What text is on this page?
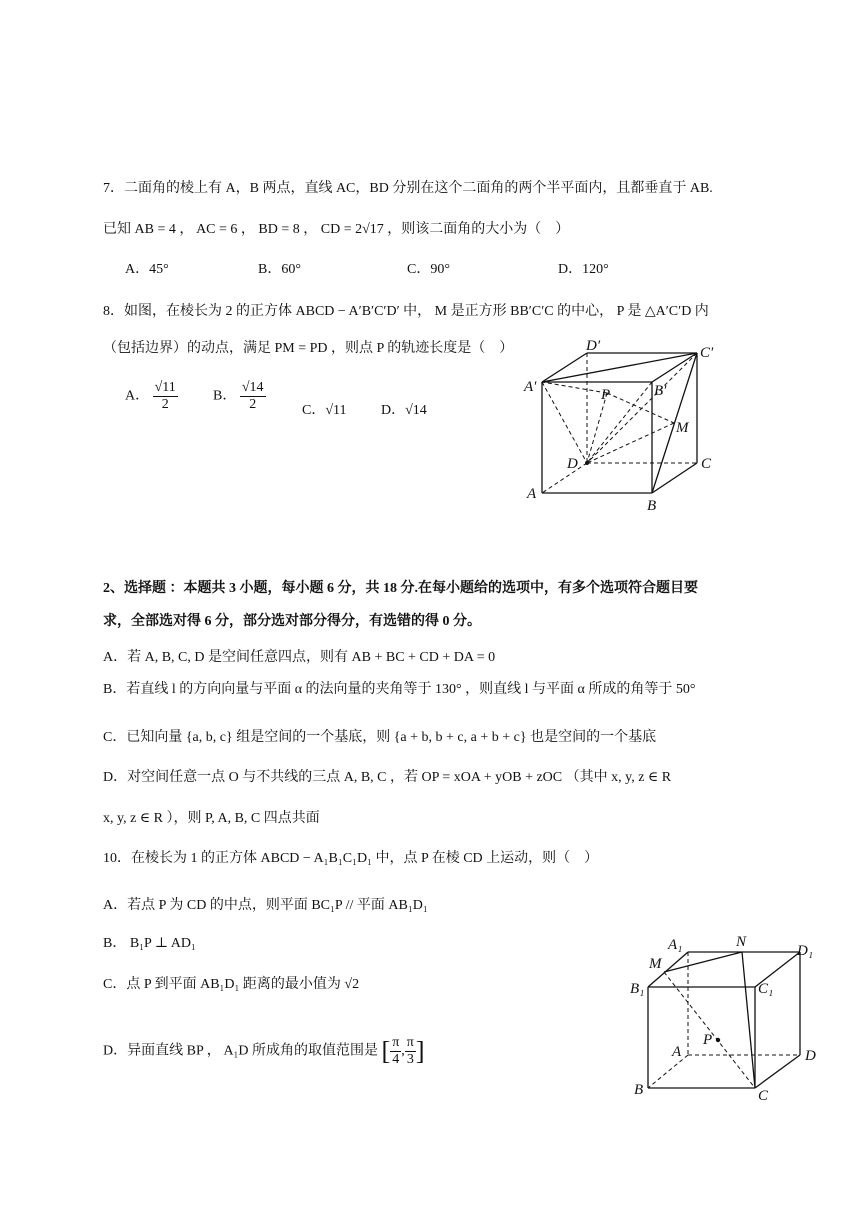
7．二面角的棱上有 A，B 两点，直线 AC，BD 分别在这个二面角的两个半平面内，且都垂直于 AB.
已知 AB = 4 ， AC = 6 ， BD = 8 ， CD = 2√17 ，则该二面角的大小为（　）
A．45°	B．60°	C．90°	D．120°
8．如图，在棱长为 2 的正方体 ABCD − A′B′C′D′ 中， M 是正方形 BB′C′C 的中心， P 是 △A′C′D 内
（包括边界）的动点，满足 PM = PD ，则点 P 的轨迹长度是（　）
A． $\frac{√11}{2}$	B． $\frac{√14}{2}$	C．√11 D．√14
D′	C′
A′	P	B′
M
D	C
A
B
2、选择题 ：本题共 3 小题，每小题 6 分，共 18 分.在每小题给的选项中，有多个选项符合题目要
求，全部选对得 6 分，部分选对部分得分，有选错的得 0 分。
A．若 A, B, C, D 是空间任意四点，则有 AB + BC + CD + DA = 0
B．若直线 l 的方向向量与平面 α 的法向量的夹角等于 130° ，则直线 l 与平面 α 所成的角等于 50°
C．已知向量 {a, b, c} 组是空间的一个基底，则 {a + b, b + c, a + b + c} 也是空间的一个基底
D．对空间任意一点 O 与不共线的三点 A, B, C ，若 OP = xOA + yOB + zOC （其中 x, y, z ∈ R
x, y, z ∈ R ），则 P, A, B, C 四点共面
10．在棱长为 1 的正方体 ABCD − A₁B₁C₁D₁ 中，点 P 在棱 CD 上运动，则（　）
A．若点 P 为 CD 的中点，则平面 BC₁P // 平面 AB₁D₁
B． B₁P ⊥ AD₁
C．点 P 到平面 AB₁D₁ 距离的最小值为 √2
D．异面直线 BP ， A₁D 所成角的取值范围是 [ $\frac{\pi}{4}$ , $\frac{\pi}{3}$ ]
A₁	N
D₁
M
B₁	C₁
A
P
D
B	C
